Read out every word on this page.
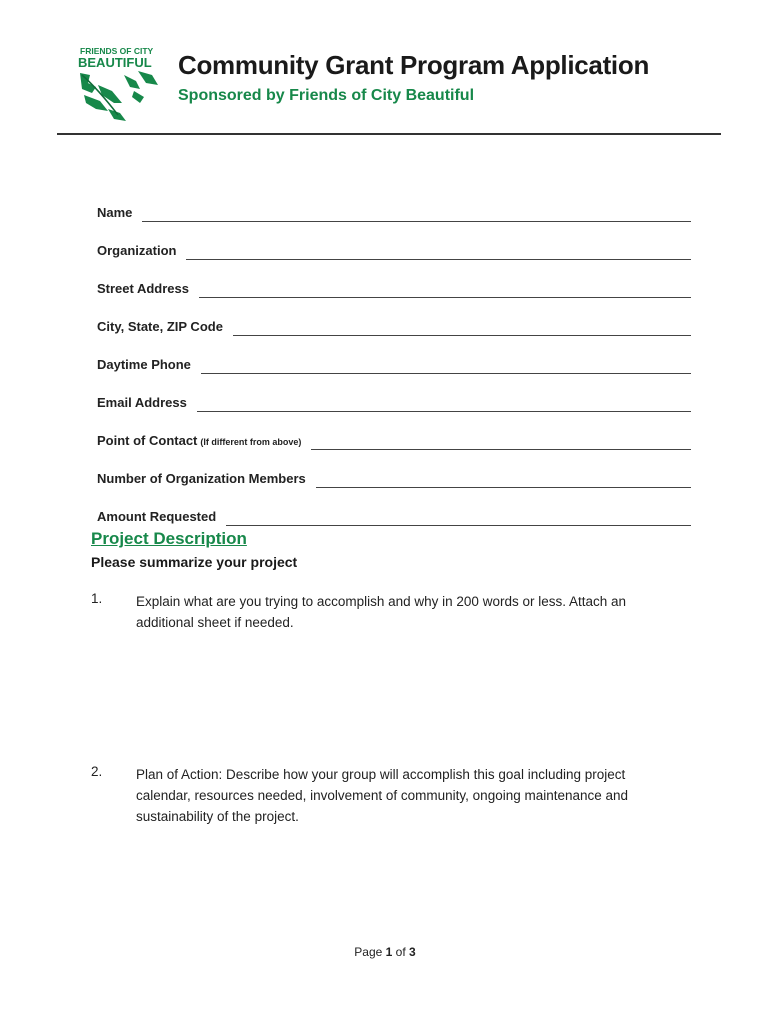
FRIENDS OF CITY
BEAUTIFUL Community Grant Program Application

Sponsored by Friends of City Beautiful

Name
Organization
Street Address
City, State, ZIP Code
Daytime Phone
Email Address
Point of Contact (If different from above)
Number of Organization Members
Amount Requested
Project Description

Please summarize your project

1.	Explain what are you trying to accomplish and why in 200 words or less. Attach an additional sheet if needed.
2.	Plan of Action: Describe how your group will accomplish this goal including project calendar, resources needed, involvement of community, ongoing maintenance and sustainability of the project.
Page 1 of 3
